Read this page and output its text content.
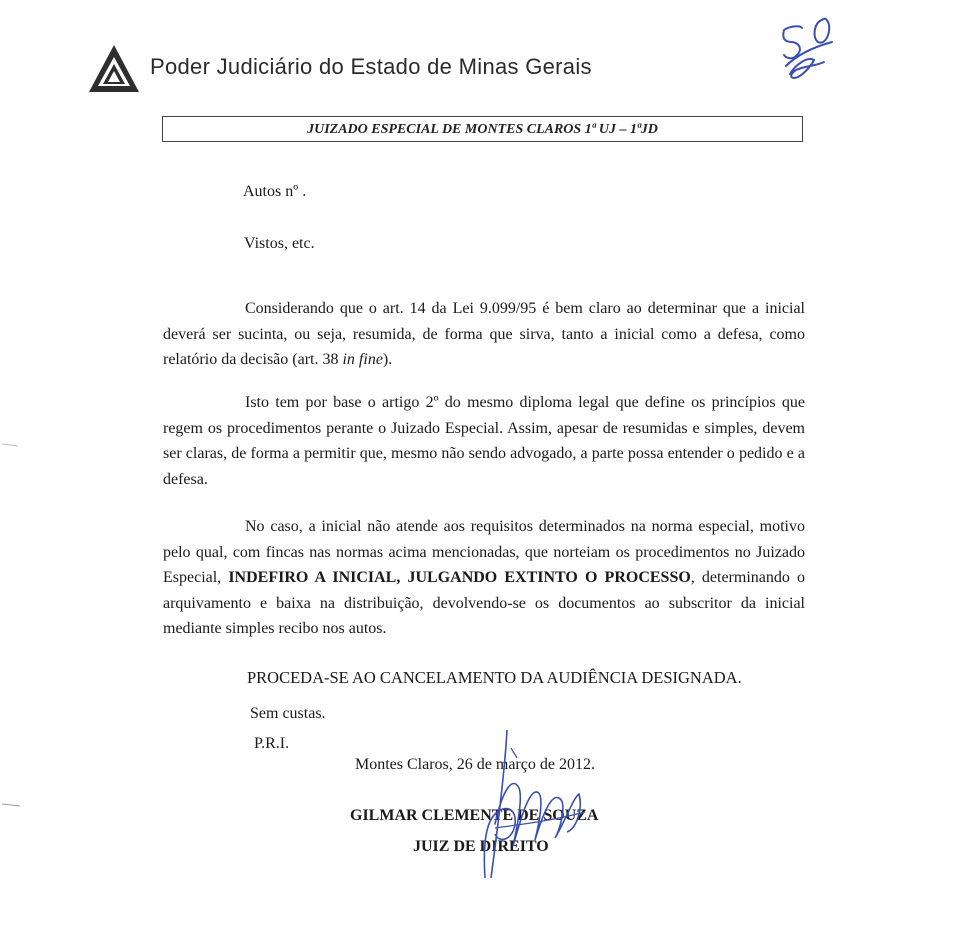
Poder Judiciário do Estado de Minas Gerais
JUIZADO ESPECIAL DE MONTES CLAROS 1ª UJ – 1ªJD
Autos nº .
Vistos, etc.
Considerando que o art. 14 da Lei 9.099/95 é bem claro ao determinar que a inicial deverá ser sucinta, ou seja, resumida, de forma que sirva, tanto a inicial como a defesa, como relatório da decisão (art. 38 in fine).
Isto tem por base o artigo 2º do mesmo diploma legal que define os princípios que regem os procedimentos perante o Juizado Especial. Assim, apesar de resumidas e simples, devem ser claras, de forma a permitir que, mesmo não sendo advogado, a parte possa entender o pedido e a defesa.
No caso, a inicial não atende aos requisitos determinados na norma especial, motivo pelo qual, com fincas nas normas acima mencionadas, que norteiam os procedimentos no Juizado Especial, INDEFIRO A INICIAL, JULGANDO EXTINTO O PROCESSO, determinando o arquivamento e baixa na distribuição, devolvendo-se os documentos ao subscritor da inicial mediante simples recibo nos autos.
PROCEDA-SE AO CANCELAMENTO DA AUDIÊNCIA DESIGNADA.
Sem custas.
P.R.I.
Montes Claros, 26 de março de 2012.
GILMAR CLEMENTE DE SOUZA
JUIZ DE DIREITO
